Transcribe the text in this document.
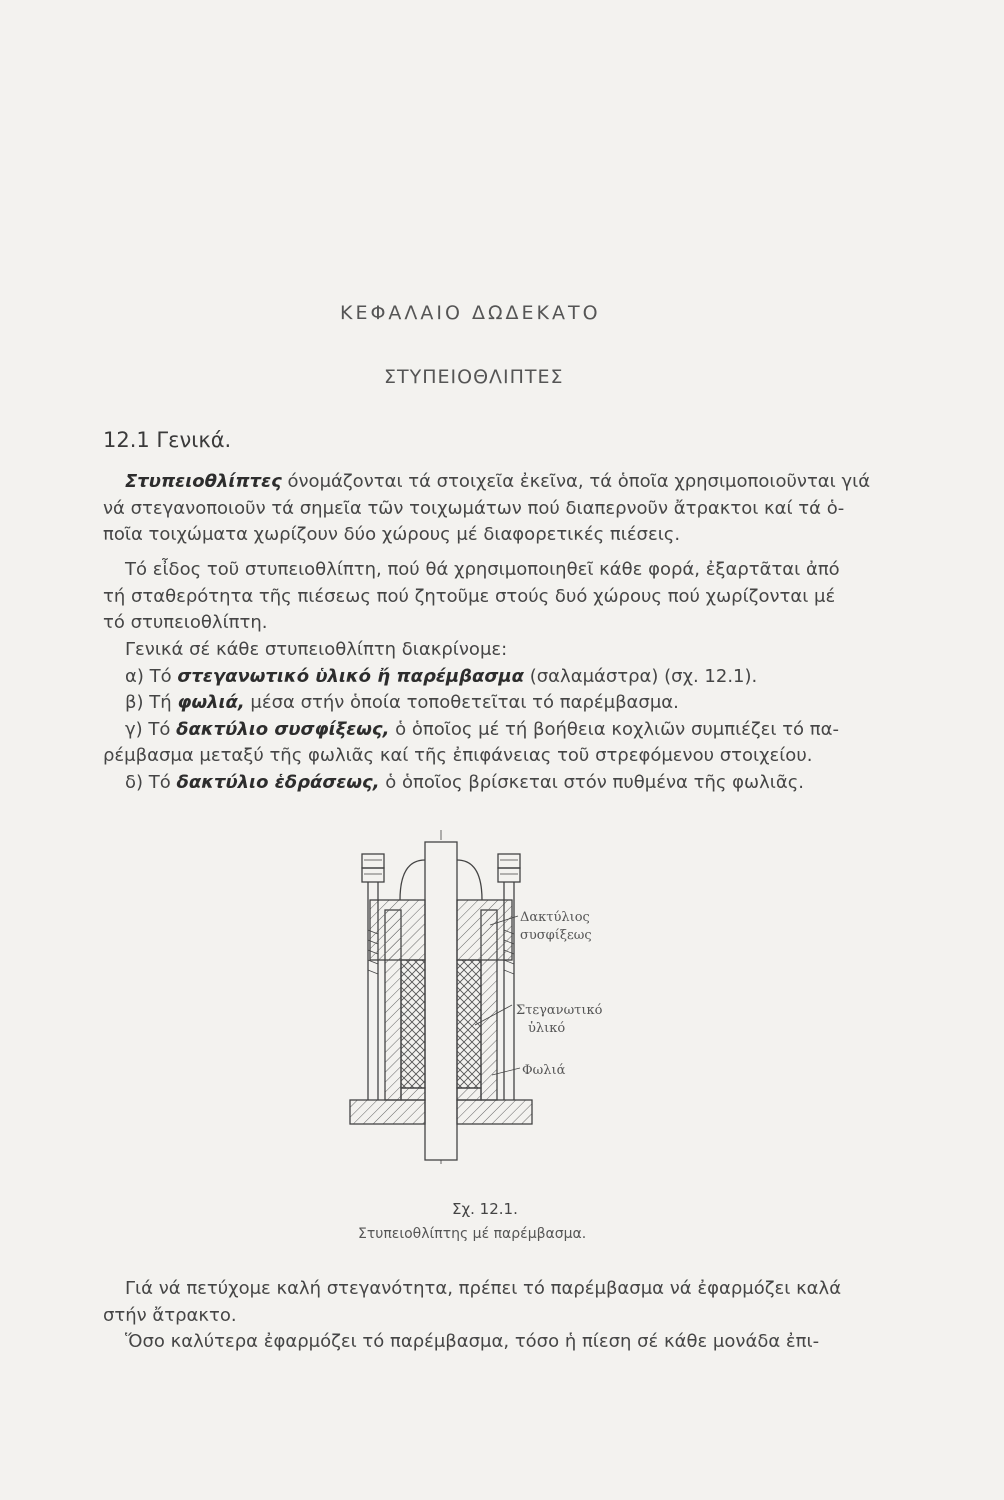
ΚΕΦΑΛΑΙΟ ΔΩΔΕΚΑΤΟ
ΣΤΥΠΕΙΟΘΛΙΠΤΕΣ
12.1 Γενικά.
Στυπειοθλίπτες όνομάζονται τά στοιχεῖα ἐκεῖνα, τά ὁποῖα χρησιμοποιοῦνται γιά
νά στεγανοποιοῦν τά σημεῖα τῶν τοιχωμάτων πού διαπερνοῦν ἄτρακτοι καί τά ὁ-
ποῖα τοιχώματα χωρίζουν δύο χώρους μέ διαφορετικές πιέσεις.
Τό εἶδος τοῦ στυπειοθλίπτη, πού θά χρησιμοποιηθεῖ κάθε φορά, ἐξαρτᾶται ἀπό
τή σταθερότητα τῆς πιέσεως πού ζητοῦμε στούς δυό χώρους πού χωρίζονται μέ
τό στυπειοθλίπτη.
Γενικά σέ κάθε στυπειοθλίπτη διακρίνομε:
α) Τό στεγανωτικό ὑλικό ἤ παρέμβασμα (σαλαμάστρα) (σχ. 12.1).
β) Τή φωλιά, μέσα στήν ὁποία τοποθετεῖται τό παρέμβασμα.
γ) Τό δακτύλιο συσφίξεως, ὁ ὁποῖος μέ τή βοήθεια κοχλιῶν συμπιέζει τό πα-
ρέμβασμα μεταξύ τῆς φωλιᾶς καί τῆς ἐπιφάνειας τοῦ στρεφόμενου στοιχείου.
δ) Τό δακτύλιο ἑδράσεως, ὁ ὁποῖος βρίσκεται στόν πυθμένα τῆς φωλιᾶς.
Δακτύλιος
συσφίξεως
Στεγανωτικό
ὑλικό
Φωλιά
Σχ. 12.1.
Στυπειοθλίπτης μέ παρέμβασμα.
Γιά νά πετύχομε καλή στεγανότητα, πρέπει τό παρέμβασμα νά ἐφαρμόζει καλά
στήν ἄτρακτο.
Ὅσο καλύτερα ἐφαρμόζει τό παρέμβασμα, τόσο ἡ πίεση σέ κάθε μονάδα ἐπι-
